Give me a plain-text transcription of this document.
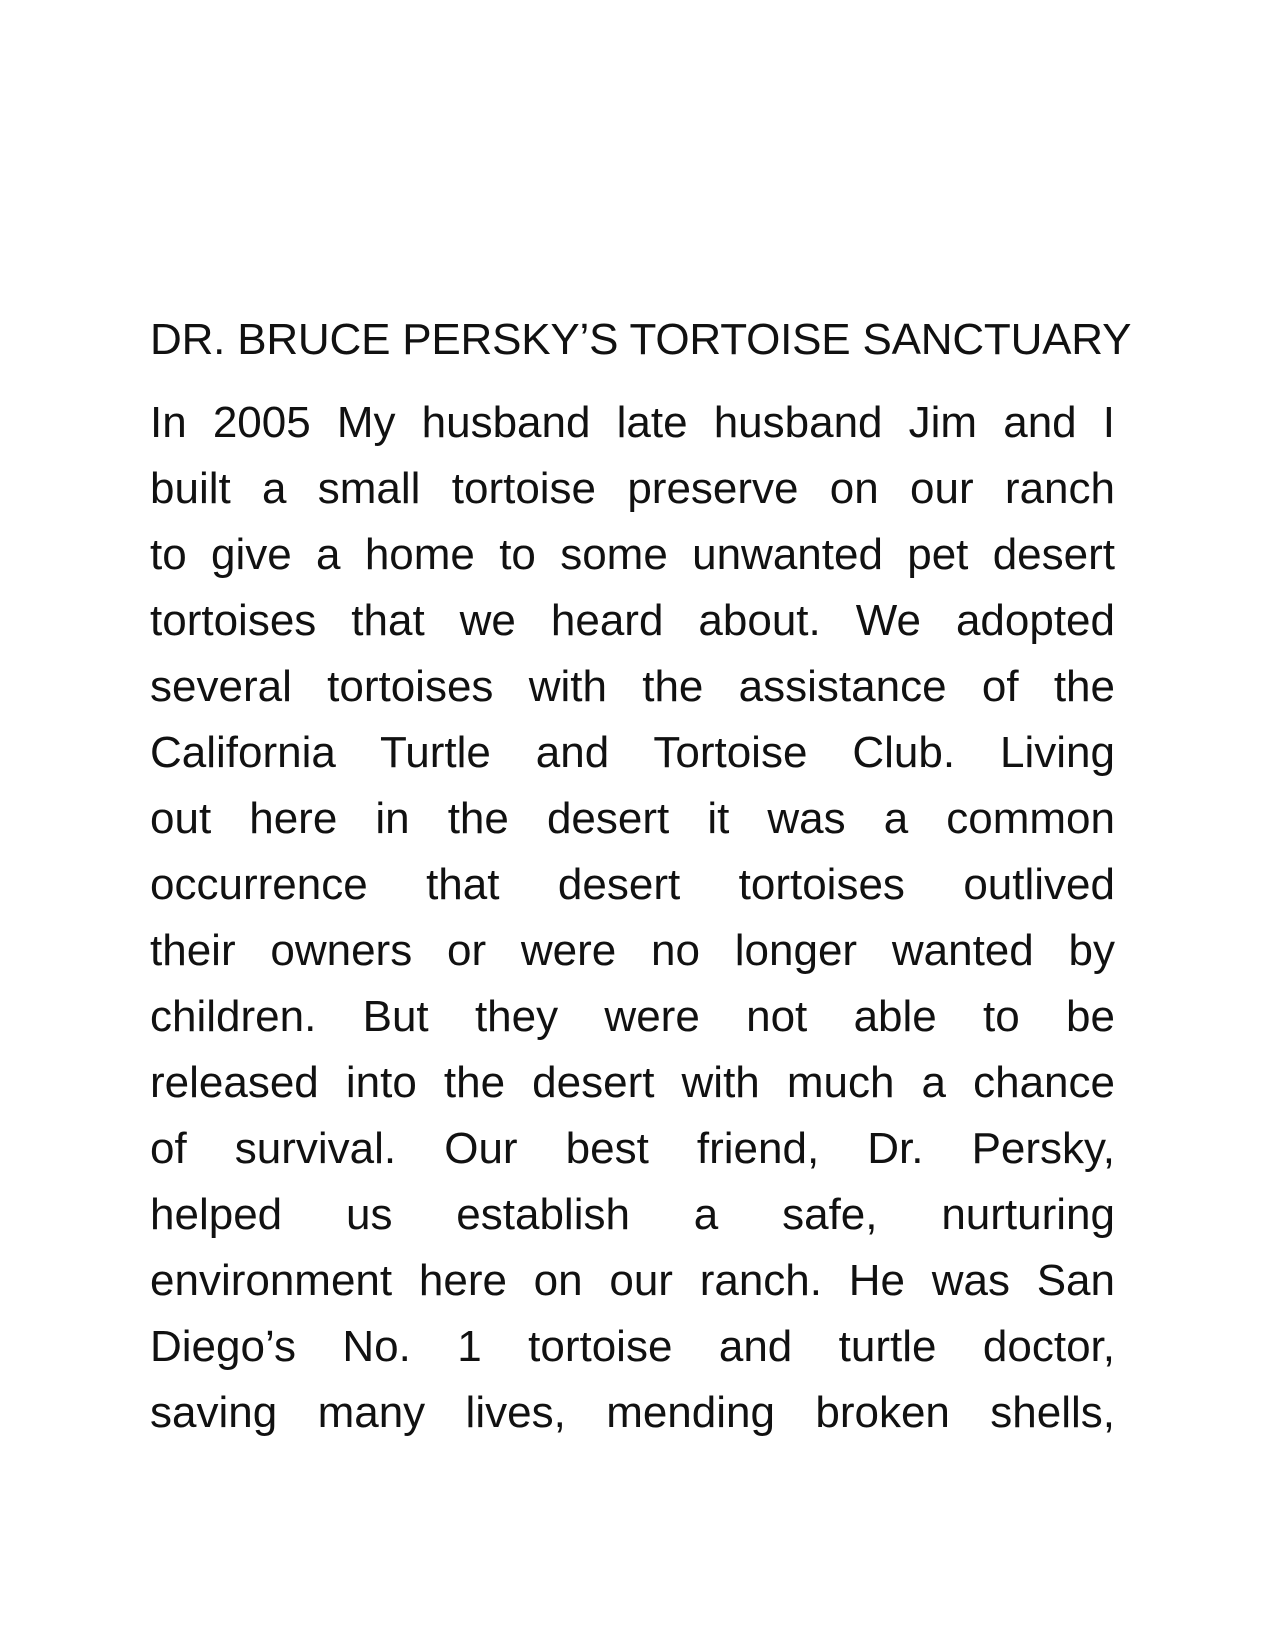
DR. BRUCE PERSKY’S TORTOISE SANCTUARY
In 2005 My husband late husband Jim and I
built a small tortoise preserve on our ranch
to give a home to some unwanted pet desert
tortoises that we heard about. We adopted
several tortoises with the assistance of the
California Turtle and Tortoise Club. Living
out here in the desert it was a common
occurrence that desert tortoises outlived
their owners or were no longer wanted by
children. But they were not able to be
released into the desert with much a chance
of survival. Our best friend, Dr. Persky,
helped us establish a safe, nurturing
environment here on our ranch. He was San
Diego’s No. 1 tortoise and turtle doctor,
saving many lives, mending broken shells,
